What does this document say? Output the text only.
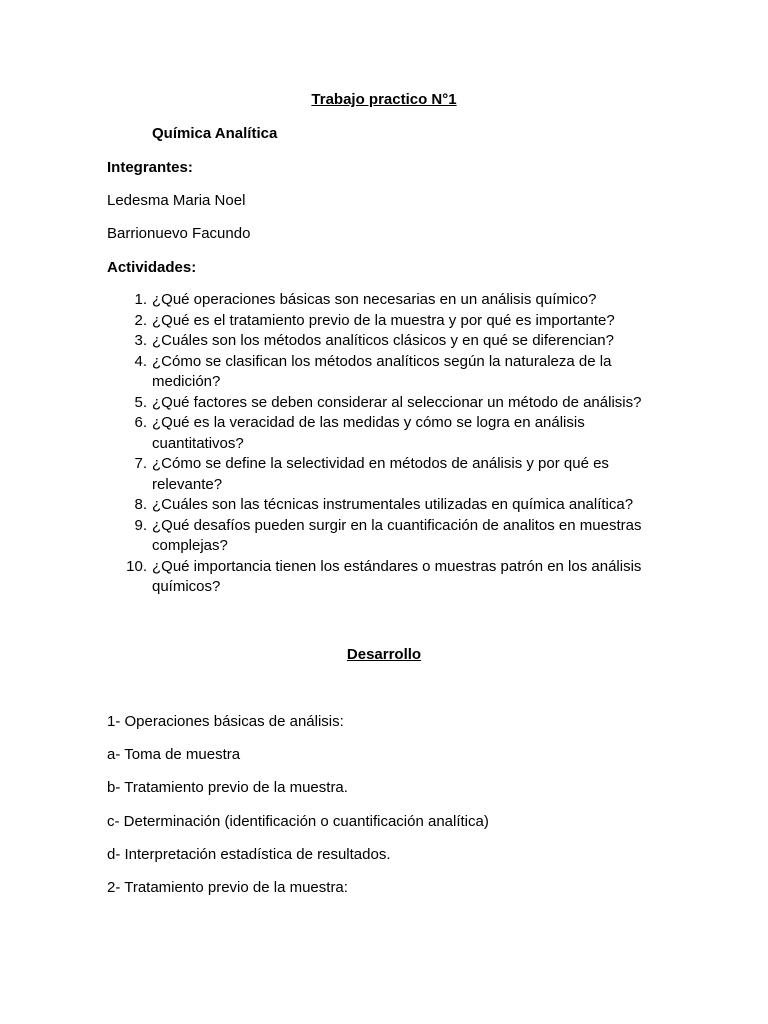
Trabajo practico N°1
Química Analítica
Integrantes:
Ledesma Maria Noel
Barrionuevo Facundo
Actividades:
1. ¿Qué operaciones básicas son necesarias en un análisis químico?
2. ¿Qué es el tratamiento previo de la muestra y por qué es importante?
3. ¿Cuáles son los métodos analíticos clásicos y en qué se diferencian?
4. ¿Cómo se clasifican los métodos analíticos según la naturaleza de la
medición?
5. ¿Qué factores se deben considerar al seleccionar un método de análisis?
6. ¿Qué es la veracidad de las medidas y cómo se logra en análisis
cuantitativos?
7. ¿Cómo se define la selectividad en métodos de análisis y por qué es
relevante?
8. ¿Cuáles son las técnicas instrumentales utilizadas en química analítica?
9. ¿Qué desafíos pueden surgir en la cuantificación de analitos en muestras
complejas?
10. ¿Qué importancia tienen los estándares o muestras patrón en los análisis
químicos?
Desarrollo
1- Operaciones básicas de análisis:
a- Toma de muestra
b- Tratamiento previo de la muestra.
c- Determinación (identificación o cuantificación analítica)
d- Interpretación estadística de resultados.
2- Tratamiento previo de la muestra:
